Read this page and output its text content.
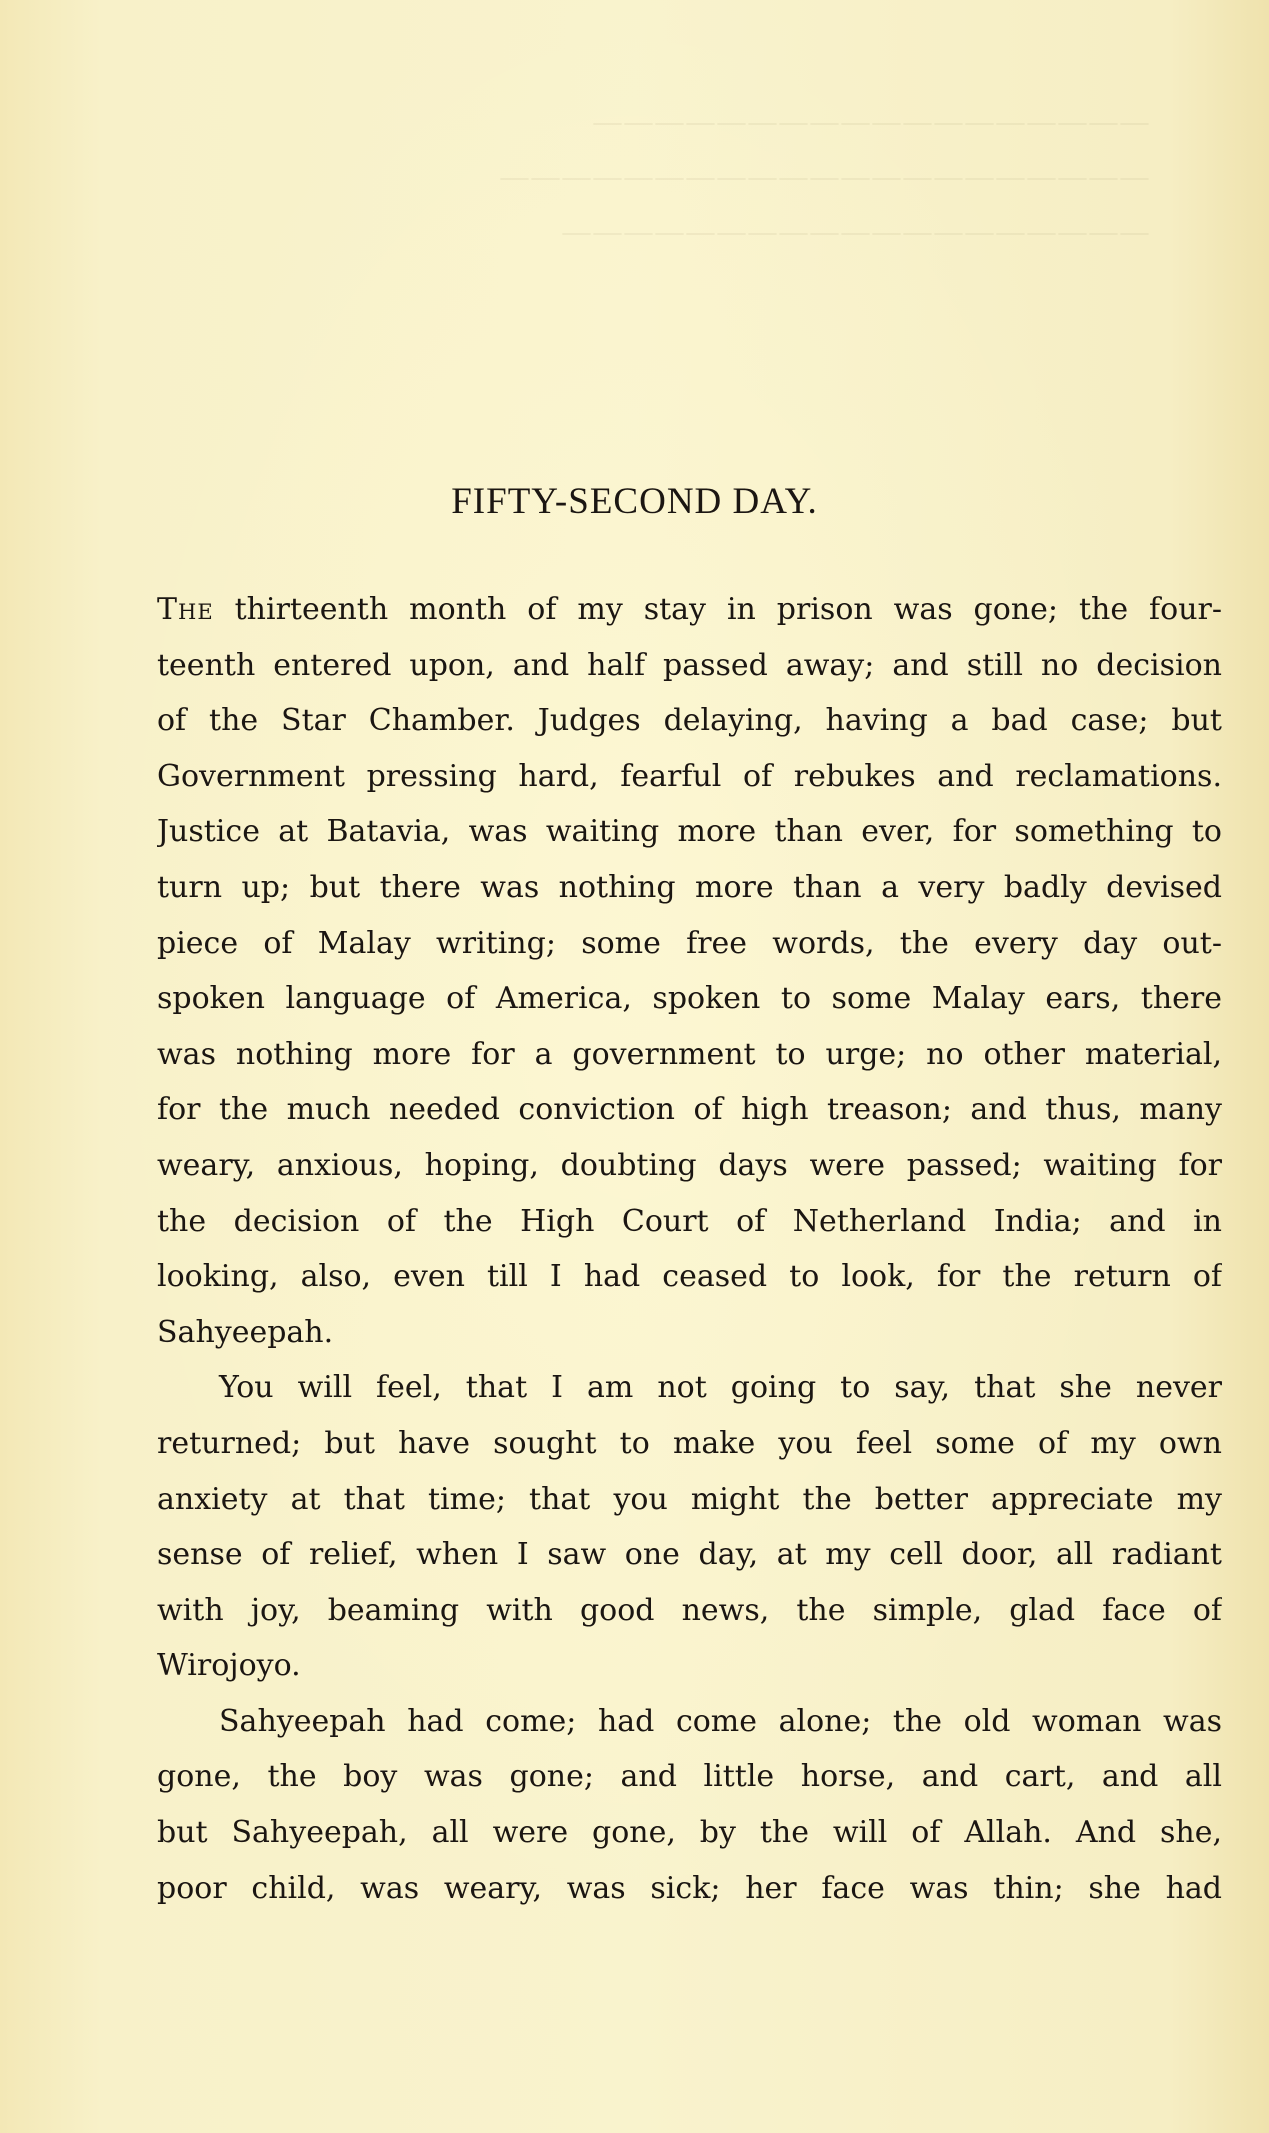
——————————————————
—————————————————————
———————————————————
FIFTY-SECOND DAY.
The thirteenth month of my stay in prison was gone; the four-
teenth entered upon, and half passed away; and still no decision
of the Star Chamber. Judges delaying, having a bad case; but
Government pressing hard, fearful of rebukes and reclamations.
Justice at Batavia, was waiting more than ever, for something to
turn up; but there was nothing more than a very badly devised
piece of Malay writing; some free words, the every day out-
spoken language of America, spoken to some Malay ears, there
was nothing more for a government to urge; no other material,
for the much needed conviction of high treason; and thus, many
weary, anxious, hoping, doubting days were passed; waiting for
the decision of the High Court of Netherland India; and in
looking, also, even till I had ceased to look, for the return of
Sahyeepah.
You will feel, that I am not going to say, that she never
returned; but have sought to make you feel some of my own
anxiety at that time; that you might the better appreciate my
sense of relief, when I saw one day, at my cell door, all radiant
with joy, beaming with good news, the simple, glad face of
Wirojoyo.
Sahyeepah had come; had come alone; the old woman was
gone, the boy was gone; and little horse, and cart, and all
but Sahyeepah, all were gone, by the will of Allah. And she,
poor child, was weary, was sick; her face was thin; she had
